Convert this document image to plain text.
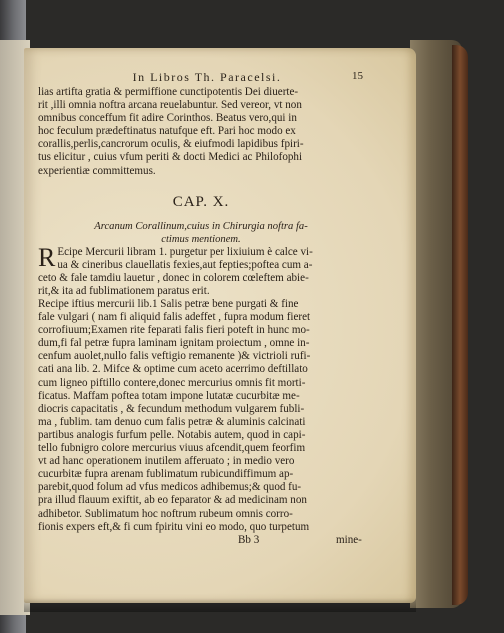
In Libros Th. Paracelsi.	15
lias artifta gratia & permiffione cunctipotentis Dei diuerte-
rit ,illi omnia noftra arcana reuelabuntur. Sed vereor, vt non
omnibus conceffum fit adire Corinthos. Beatus vero,qui in
hoc feculum prædeftinatus natufque eft. Pari hoc modo ex
corallis,perlis,cancrorum oculis, & eiufmodi lapidibus fpiri-
tus elicitur , cuius vfum periti & docti Medici ac Philofophi
experientiæ committemus.
CAP. X.
Arcanum Corallinum,cuius in Chirurgia noftra fa-
ctimus mentionem.
R Ecipe Mercurii libram 1. purgetur per lixiuium è calce vi-
ua & cineribus clauellatis fexies,aut fepties;poftea cum a-
ceto & fale tamdiu lauetur , donec in colorem cœleftem abie-
rit,& ita ad fublimationem paratus erit.
Recipe iftius mercurii lib.1 Salis petræ bene purgati & fine
fale vulgari ( nam fi aliquid falis adeffet , fupra modum fieret
corrofiuum;Examen rite feparati falis fieri poteft in hunc mo-
dum,fi fal petræ fupra laminam ignitam proiectum , omne in-
cenfum auolet,nullo falis veftigio remanente )& victrioli rufi-
cati ana lib. 2. Mifce & optime cum aceto acerrimo deftillato
cum ligneo piftillo contere,donec mercurius omnis fit morti-
ficatus. Maffam poftea totam impone lutatæ cucurbitæ me-
diocris capacitatis , & fecundum methodum vulgarem fubli-
ma , fublim. tam denuo cum falis petræ & aluminis calcinati
partibus analogis furfum pelle. Notabis autem, quod in capi-
tello fubnigro colore mercurius viuus afcendit,quem feorfim
vt ad hanc operationem inutilem afferuato ; in medio vero
cucurbitæ fupra arenam fublimatum rubicundiffimum ap-
parebit,quod folum ad vfus medicos adhibemus;& quod fu-
pra illud flauum exiftit, ab eo feparator & ad medicinam non
adhibetor. Sublimatum hoc noftrum rubeum omnis corro-
fionis expers eft,& fi cum fpiritu vini eo modo, quo turpetum
Bb 3	mine-
